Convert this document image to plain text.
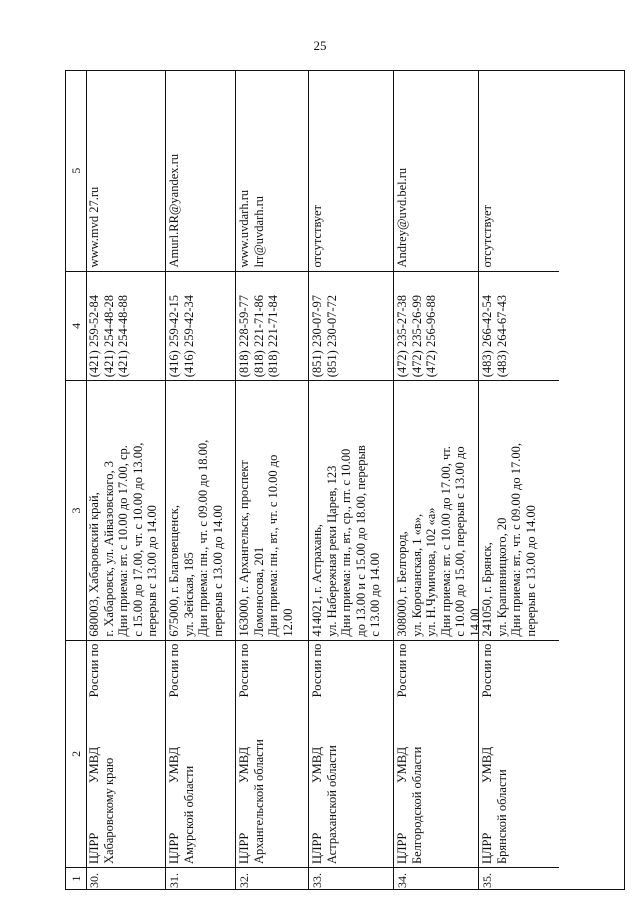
25
1
2
3
4
5
30.
ЦЛРР
УМВД
России по
Хабаровскому краю
680003, Хабаровский край, г. Хабаровск, ул. Айвазовского, 3 Дни приема: вт. с 10.00 до 17.00, ср. с 15.00 до 17.00, чт. с 10.00 до 13.00, перерыв с 13.00 до 14.00
(421) 259-52-84 (421) 254-48-28 (421) 254-48-88
www.mvd 27.ru
31.
ЦЛРР
УМВД
России по
Амурской области
675000, г. Благовещенск, ул. Зейская, 185 Дни приема: пн., чт. с 09.00 до 18.00, перерыв с 13.00 до 14.00
(416) 259-42-15 (416) 259-42-34
Amurl.RR@yandex.ru
32.
ЦЛРР
УМВД
России по
Архангельской области
163000, г. Архангельск, проспект Ломоносова, 201 Дни приема: пн., вт., чт. с 10.00 до 12.00
(818) 228-59-77 (818) 221-71-86 (818) 221-71-84
www.uvdarh.ru lrr@uvdarh.ru
33.
ЦЛРР
УМВД
России по
Астраханской области
414021, г. Астрахань, ул. Набережная реки Царев, 123 Дни приема: пн., вт., ср., пт. с 10.00 до 13.00 и с 15.00 до 18.00, перерыв с 13.00 до 14.00
(851) 230-07-97 (851) 230-07-72
отсутствует
34.
ЦЛРР
УМВД
России по
Белгородской области
308000, г. Белгород, ул. Корочанская, 1 «в», ул. Н.Чумичова, 102 «а» Дни приема: вт. с 10.00 до 17.00, чт. с 10.00 до 15.00, перерыв с 13.00 до 14.00
(472) 235-27-38 (472) 235-26-99 (472) 256-96-88
Andrey@uvd.bel.ru
35.
ЦЛРР
УМВД
России по
Брянской области
241050, г. Брянск, ул. Крапивницкого, 20 Дни приема: вт., чт. с 09.00 до 17.00, перерыв с 13.00 до 14.00
(483) 266-42-54 (483) 264-67-43
отсутствует
